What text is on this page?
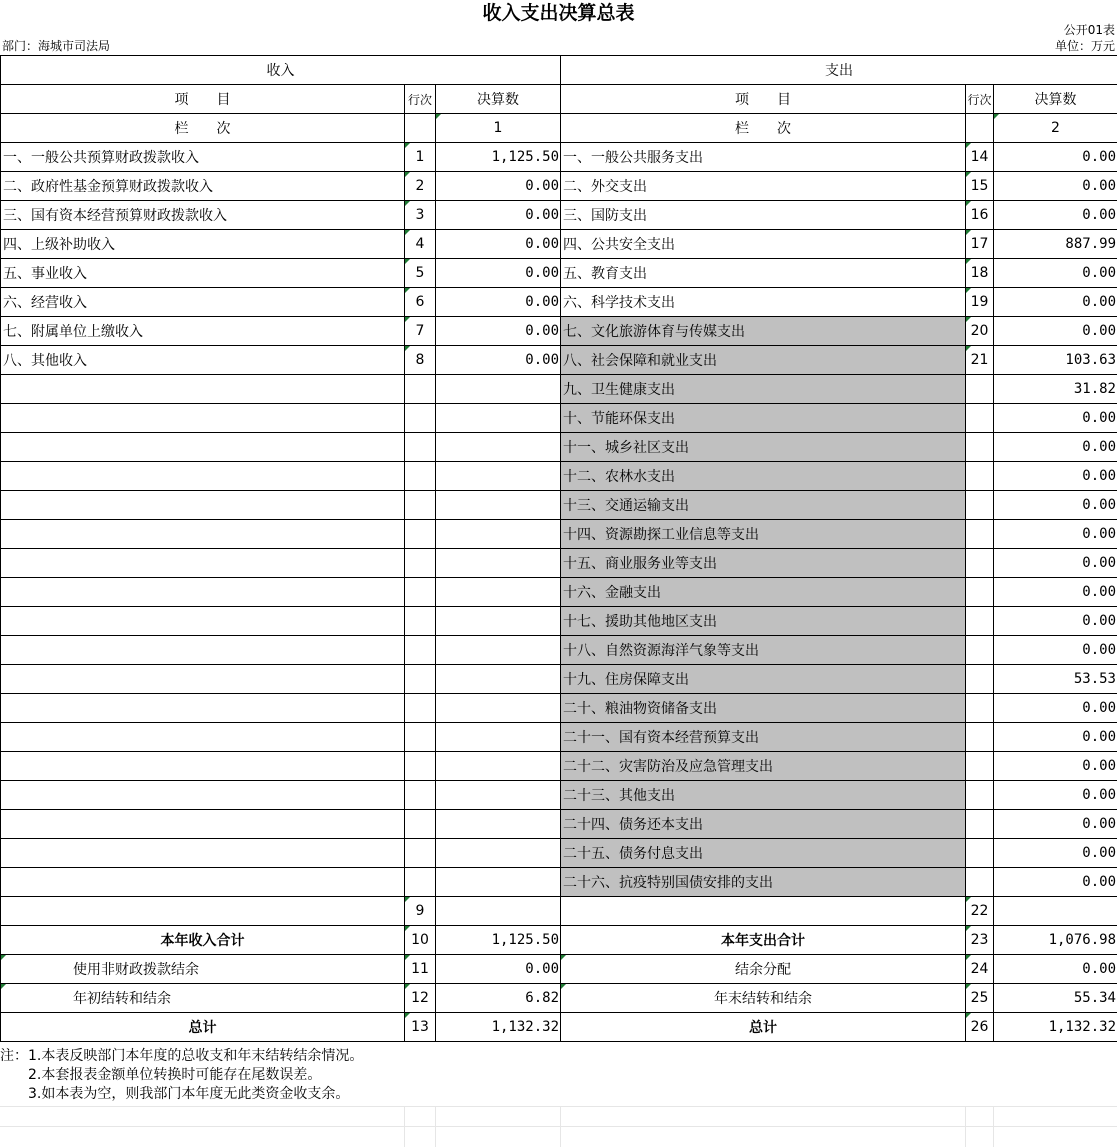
收入支出决算总表
公开01表
部门：海城市司法局	单位：万元
收入			支出		
项　　目	行次	决算数	项　　目	行次	决算数
栏　　次		1	栏　　次		2
一、一般公共预算财政拨款收入	1	1,125.50	一、一般公共服务支出	14	0.00
二、政府性基金预算财政拨款收入	2	0.00	二、外交支出	15	0.00
三、国有资本经营预算财政拨款收入	3	0.00	三、国防支出	16	0.00
四、上级补助收入	4	0.00	四、公共安全支出	17	887.99
五、事业收入	5	0.00	五、教育支出	18	0.00
六、经营收入	6	0.00	六、科学技术支出	19	0.00
七、附属单位上缴收入	7	0.00	七、文化旅游体育与传媒支出	20	0.00
八、其他收入	8	0.00	八、社会保障和就业支出	21	103.63
			九、卫生健康支出		31.82
			十、节能环保支出		0.00
			十一、城乡社区支出		0.00
			十二、农林水支出		0.00
			十三、交通运输支出		0.00
			十四、资源勘探工业信息等支出		0.00
			十五、商业服务业等支出		0.00
			十六、金融支出		0.00
			十七、援助其他地区支出		0.00
			十八、自然资源海洋气象等支出		0.00
			十九、住房保障支出		53.53
			二十、粮油物资储备支出		0.00
			二十一、国有资本经营预算支出		0.00
			二十二、灾害防治及应急管理支出		0.00
			二十三、其他支出		0.00
			二十四、债务还本支出		0.00
			二十五、债务付息支出		0.00
			二十六、抗疫特别国债安排的支出		0.00
	9			22	
本年收入合计	10	1,125.50	本年支出合计	23	1,076.98
使用非财政拨款结余	11	0.00	结余分配	24	0.00
年初结转和结余	12	6.82	年末结转和结余	25	55.34
总计	13	1,132.32	总计	26	1,132.32
注：1.本表反映部门本年度的总收支和年末结转结余情况。
　　2.本套报表金额单位转换时可能存在尾数误差。
　　3.如本表为空，则我部门本年度无此类资金收支余。
